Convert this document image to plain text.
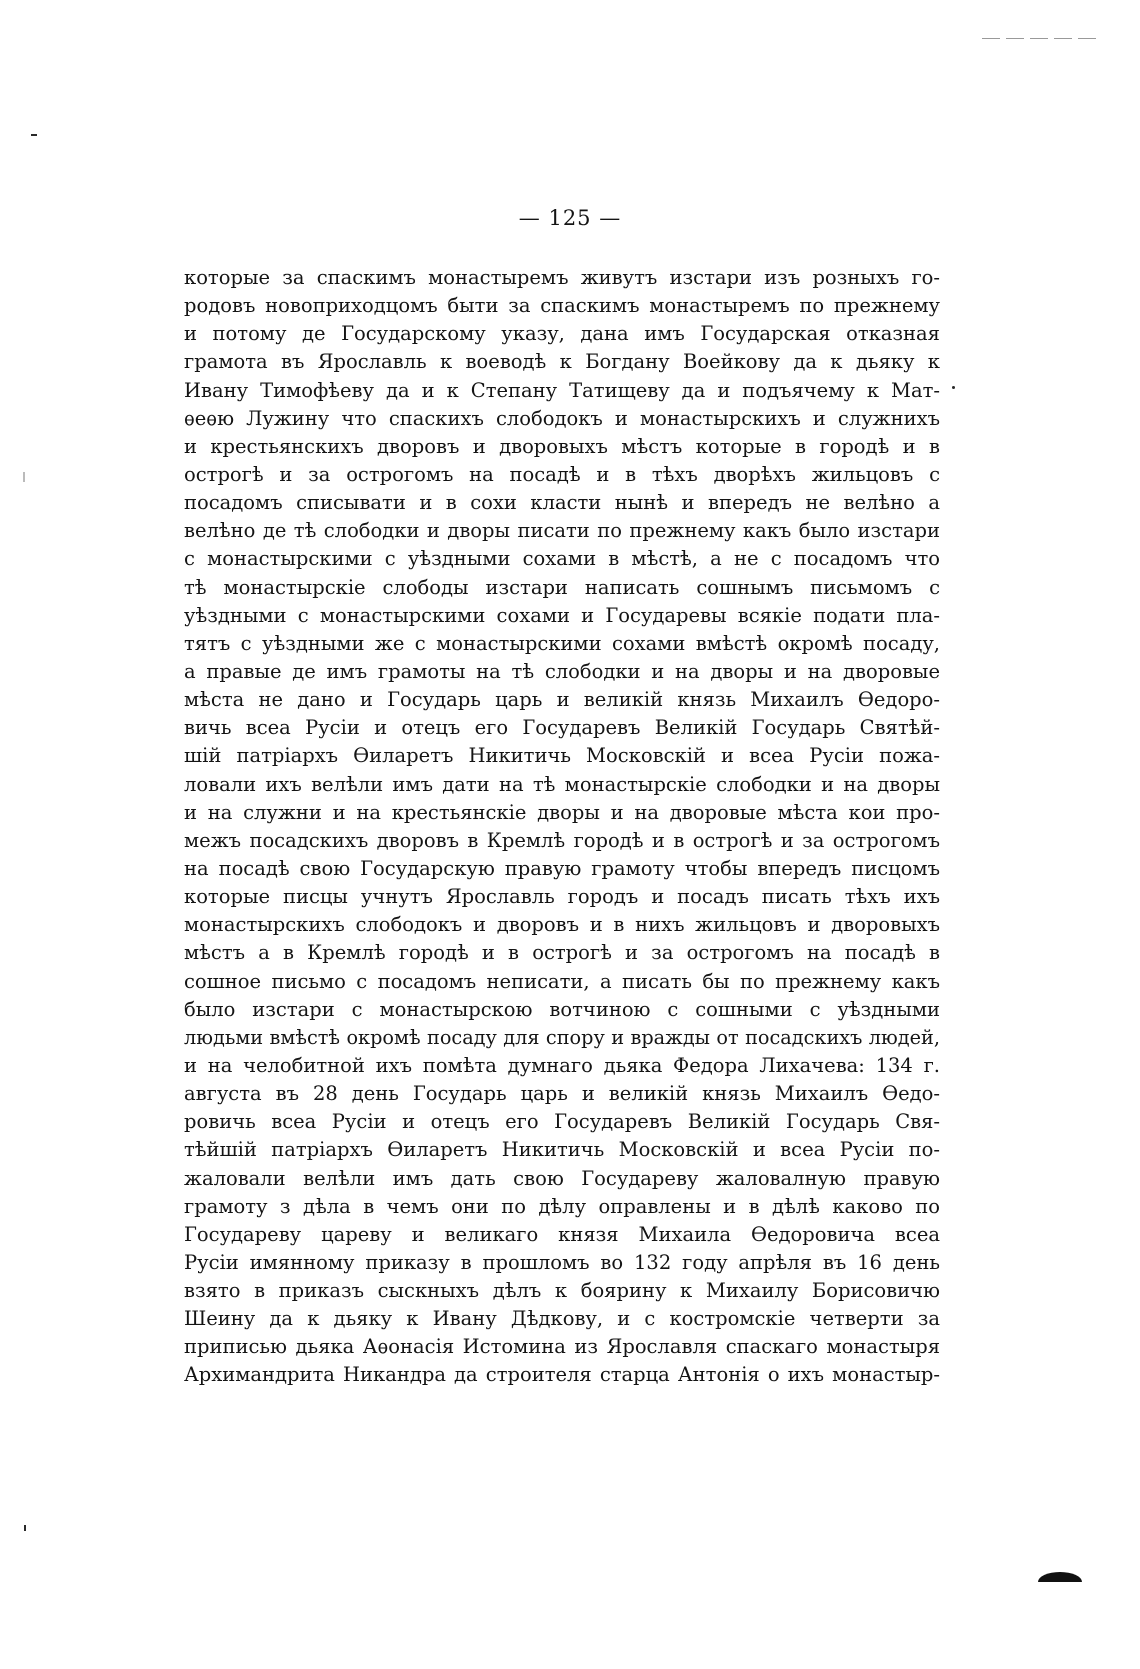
— 125 —
которые за спаскимъ монастыремъ живутъ изстари изъ розныхъ го-
родовъ новоприходцомъ быти за спаскимъ монастыремъ по прежнему
и потому де Государскому указу, дана имъ Государская отказная
грамота въ Ярославль к воеводѣ к Богдану Воейкову да к дьяку к
Ивану Тимофѣеву да и к Степану Татищеву да и подъячему к Мат-
ѳеѳю Лужину что спаскихъ слободокъ и монастырскихъ и служнихъ
и крестьянскихъ дворовъ и дворовыхъ мѣстъ которые в городѣ и в
острогѣ и за острогомъ на посадѣ и в тѣхъ дворѣхъ жильцовъ с
посадомъ списывати и в сохи класти нынѣ и впередъ не велѣно а
велѣно де тѣ слободки и дворы писати по прежнему какъ было изстари
с монастырскими с уѣздными сохами в мѣстѣ, а не с посадомъ что
тѣ монастырскіе слободы изстари написать сошнымъ письмомъ с
уѣздными с монастырскими сохами и Государевы всякіе подати пла-
тятъ с уѣздными же с монастырскими сохами вмѣстѣ окромѣ посаду,
а правые де имъ грамоты на тѣ слободки и на дворы и на дворовые
мѣста не дано и Государь царь и великій князь Михаилъ Ѳедоро-
вичь всеа Русіи и отецъ его Государевъ Великій Государь Святѣй-
шій патріархъ Ѳиларетъ Никитичь Московскій и всеа Русіи пожа-
ловали ихъ велѣли имъ дати на тѣ монастырскіе слободки и на дворы
и на служни и на крестьянскіе дворы и на дворовые мѣста кои про-
межъ посадскихъ дворовъ в Кремлѣ городѣ и в острогѣ и за острогомъ
на посадѣ свою Государскую правую грамоту чтобы впередъ писцомъ
которые писцы учнутъ Ярославль городъ и посадъ писать тѣхъ ихъ
монастырскихъ слободокъ и дворовъ и в нихъ жильцовъ и дворовыхъ
мѣстъ а в Кремлѣ городѣ и в острогѣ и за острогомъ на посадѣ в
сошное письмо с посадомъ неписати, а писать бы по прежнему какъ
было изстари с монастырскою вотчиною с сошными с уѣздными
людьми вмѣстѣ окромѣ посаду для спору и вражды от посадскихъ людей,
и на челобитной ихъ помѣта думнаго дьяка Федора Лихачева: 134 г.
августа въ 28 день Государь царь и великій князь Михаилъ Ѳедо-
ровичь всеа Русіи и отецъ его Государевъ Великій Государь Свя-
тѣйшій патріархъ Ѳиларетъ Никитичь Московскій и всеа Русіи по-
жаловали велѣли имъ дать свою Государеву жаловалную правую
грамоту з дѣла в чемъ они по дѣлу оправлены и в дѣлѣ каково по
Государеву цареву и великаго князя Михаила Ѳедоровича всеа
Русіи имянному приказу в прошломъ во 132 году апрѣля въ 16 день
взято в приказъ сыскныхъ дѣлъ к боярину к Михаилу Борисовичю
Шеину да к дьяку к Ивану Дѣдкову, и с костромскіе четверти за
приписью дьяка Аѳонасія Истомина из Ярославля спаскаго монастыря
Архимандрита Никандра да строителя старца Антонія о ихъ монастыр-
